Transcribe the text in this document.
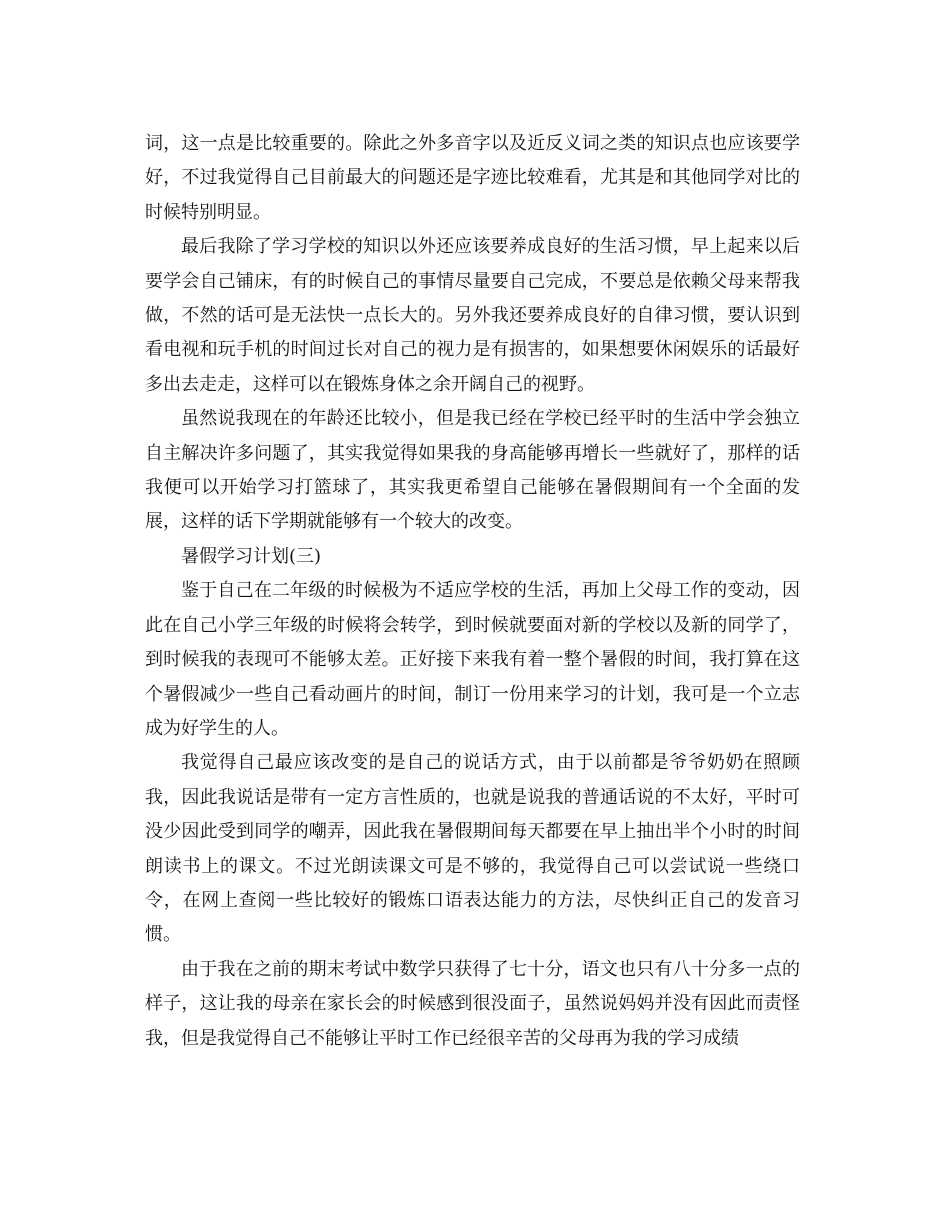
词，这一点是比较重要的。除此之外多音字以及近反义词之类的知识点也应该要学好，不过我觉得自己目前最大的问题还是字迹比较难看，尤其是和其他同学对比的时候特别明显。

最后我除了学习学校的知识以外还应该要养成良好的生活习惯，早上起来以后要学会自己铺床，有的时候自己的事情尽量要自己完成，不要总是依赖父母来帮我做，不然的话可是无法快一点长大的。另外我还要养成良好的自律习惯，要认识到看电视和玩手机的时间过长对自己的视力是有损害的，如果想要休闲娱乐的话最好多出去走走，这样可以在锻炼身体之余开阔自己的视野。

虽然说我现在的年龄还比较小，但是我已经在学校已经平时的生活中学会独立自主解决许多问题了，其实我觉得如果我的身高能够再增长一些就好了，那样的话我便可以开始学习打篮球了，其实我更希望自己能够在暑假期间有一个全面的发展，这样的话下学期就能够有一个较大的改变。

暑假学习计划(三)

鉴于自己在二年级的时候极为不适应学校的生活，再加上父母工作的变动，因此在自己小学三年级的时候将会转学，到时候就要面对新的学校以及新的同学了，到时候我的表现可不能够太差。正好接下来我有着一整个暑假的时间，我打算在这个暑假减少一些自己看动画片的时间，制订一份用来学习的计划，我可是一个立志成为好学生的人。

我觉得自己最应该改变的是自己的说话方式，由于以前都是爷爷奶奶在照顾我，因此我说话是带有一定方言性质的，也就是说我的普通话说的不太好，平时可没少因此受到同学的嘲弄，因此我在暑假期间每天都要在早上抽出半个小时的时间朗读书上的课文。不过光朗读课文可是不够的，我觉得自己可以尝试说一些绕口令，在网上查阅一些比较好的锻炼口语表达能力的方法，尽快纠正自己的发音习惯。

由于我在之前的期末考试中数学只获得了七十分，语文也只有八十分多一点的样子，这让我的母亲在家长会的时候感到很没面子，虽然说妈妈并没有因此而责怪我，但是我觉得自己不能够让平时工作已经很辛苦的父母再为我的学习成绩
